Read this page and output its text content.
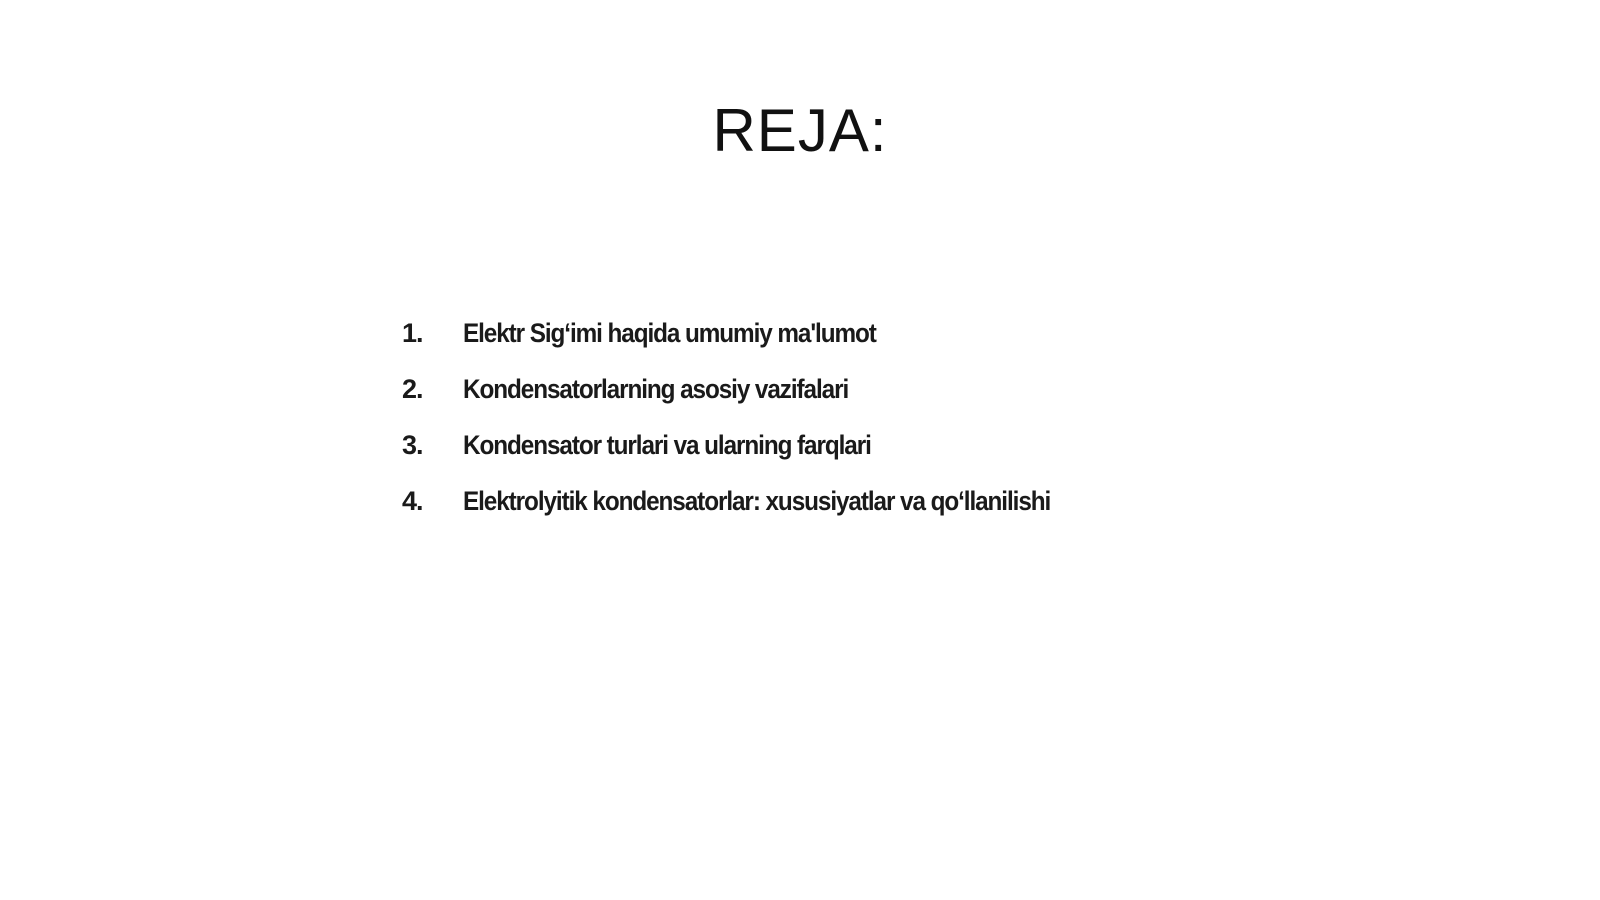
REJA:
1.	Elektr Sig‘imi haqida umumiy ma'lumot
2.	Kondensatorlarning asosiy vazifalari
3.	Kondensator turlari va ularning farqlari
4.	Elektrolyitik kondensatorlar: xususiyatlar va qo‘llanilishi
